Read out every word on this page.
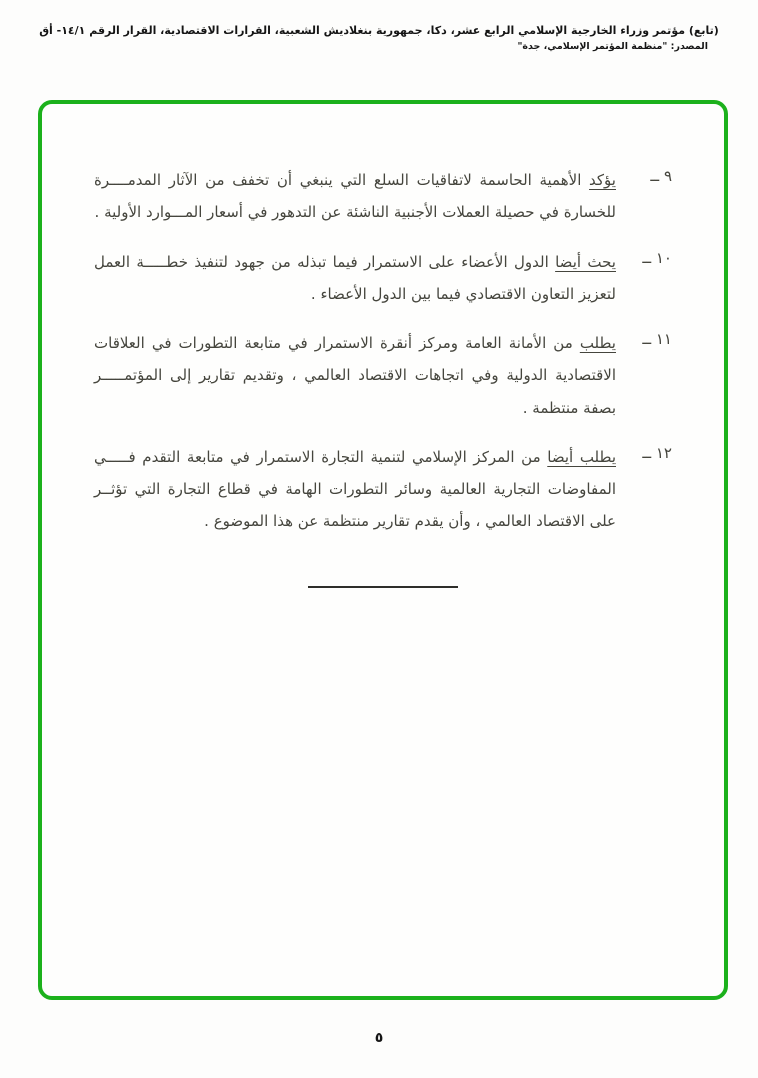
(تابع) مؤتمر وزراء الخارجية الإسلامي الرابع عشر، دكا، جمهورية بنغلاديش الشعبية، القرارات الاقتصادية، القرار الرقم ١٤/١- أق
المصدر: "منظمة المؤتمر الإسلامي، جدة"
٩ ــ

يؤكد الأهمية الحاسمة لاتفاقيات السلع التي ينبغي أن تخفف من الآثار المدمــــرة للخسارة في حصيلة العملات الأجنبية الناشئة عن التدهور في أسعار المـــوارد الأولية .

١٠ ــ

يحث أيضا الدول الأعضاء على الاستمرار فيما تبذله من جهود لتنفيذ خطـــــة العمل لتعزيز التعاون الاقتصادي فيما بين الدول الأعضاء .

١١ ــ

يطلب من الأمانة العامة ومركز أنقرة الاستمرار في متابعة التطورات في العلاقات الاقتصادية الدولية وفي اتجاهات الاقتصاد العالمي ، وتقديم تقارير إلى المؤتمـــــر بصفة منتظمة .

١٢ ــ

يطلب أيضا من المركز الإسلامي لتنمية التجارة الاستمرار في متابعة التقدم فـــــي المفاوضات التجارية العالمية وسائر التطورات الهامة في قطاع التجارة التي تؤثــر على الاقتصاد العالمي ، وأن يقدم تقارير منتظمة عن هذا الموضوع .

٥
